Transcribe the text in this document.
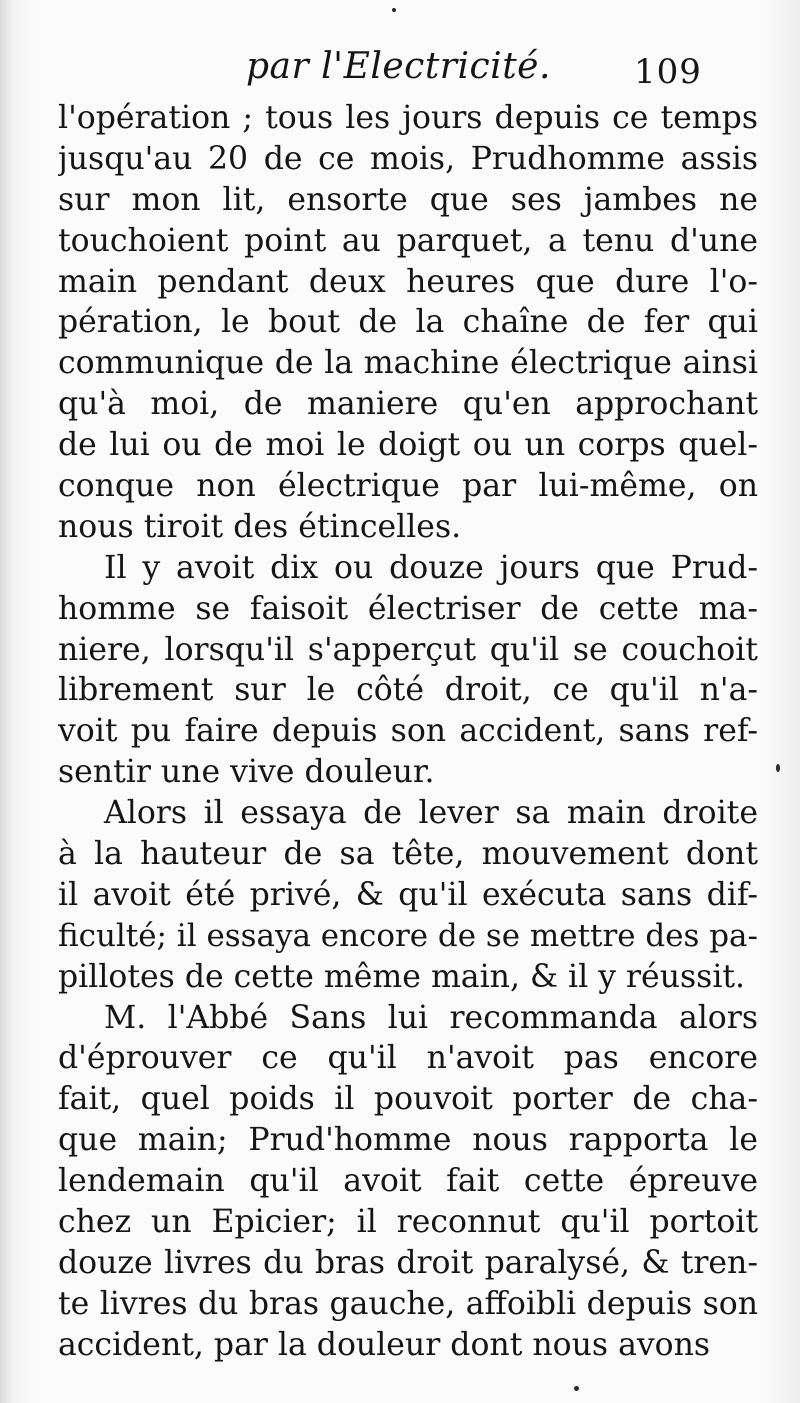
par l'Electricité. 109
l'opération ; tous les jours depuis ce temps
jusqu'au 20 de ce mois, Prudhomme assis
sur mon lit, ensorte que ses jambes ne
touchoient point au parquet, a tenu d'une
main pendant deux heures que dure l'o-
pération, le bout de la chaîne de fer qui
communique de la machine électrique ainsi
qu'à moi, de maniere qu'en approchant
de lui ou de moi le doigt ou un corps quel-
conque non électrique par lui-même, on
nous tiroit des étincelles.
Il y avoit dix ou douze jours que Prud-
homme se faisoit électriser de cette ma-
niere, lorsqu'il s'apperçut qu'il se couchoit
librement sur le côté droit, ce qu'il n'a-
voit pu faire depuis son accident, sans ref-
sentir une vive douleur.
Alors il essaya de lever sa main droite
à la hauteur de sa tête, mouvement dont
il avoit été privé, & qu'il exécuta sans dif-
ficulté; il essaya encore de se mettre des pa-
pillotes de cette même main, & il y réussit.
M. l'Abbé Sans lui recommanda alors
d'éprouver ce qu'il n'avoit pas encore
fait, quel poids il pouvoit porter de cha-
que main; Prud'homme nous rapporta le
lendemain qu'il avoit fait cette épreuve
chez un Epicier; il reconnut qu'il portoit
douze livres du bras droit paralysé, & tren-
te livres du bras gauche, affoibli depuis son
accident, par la douleur dont nous avons
